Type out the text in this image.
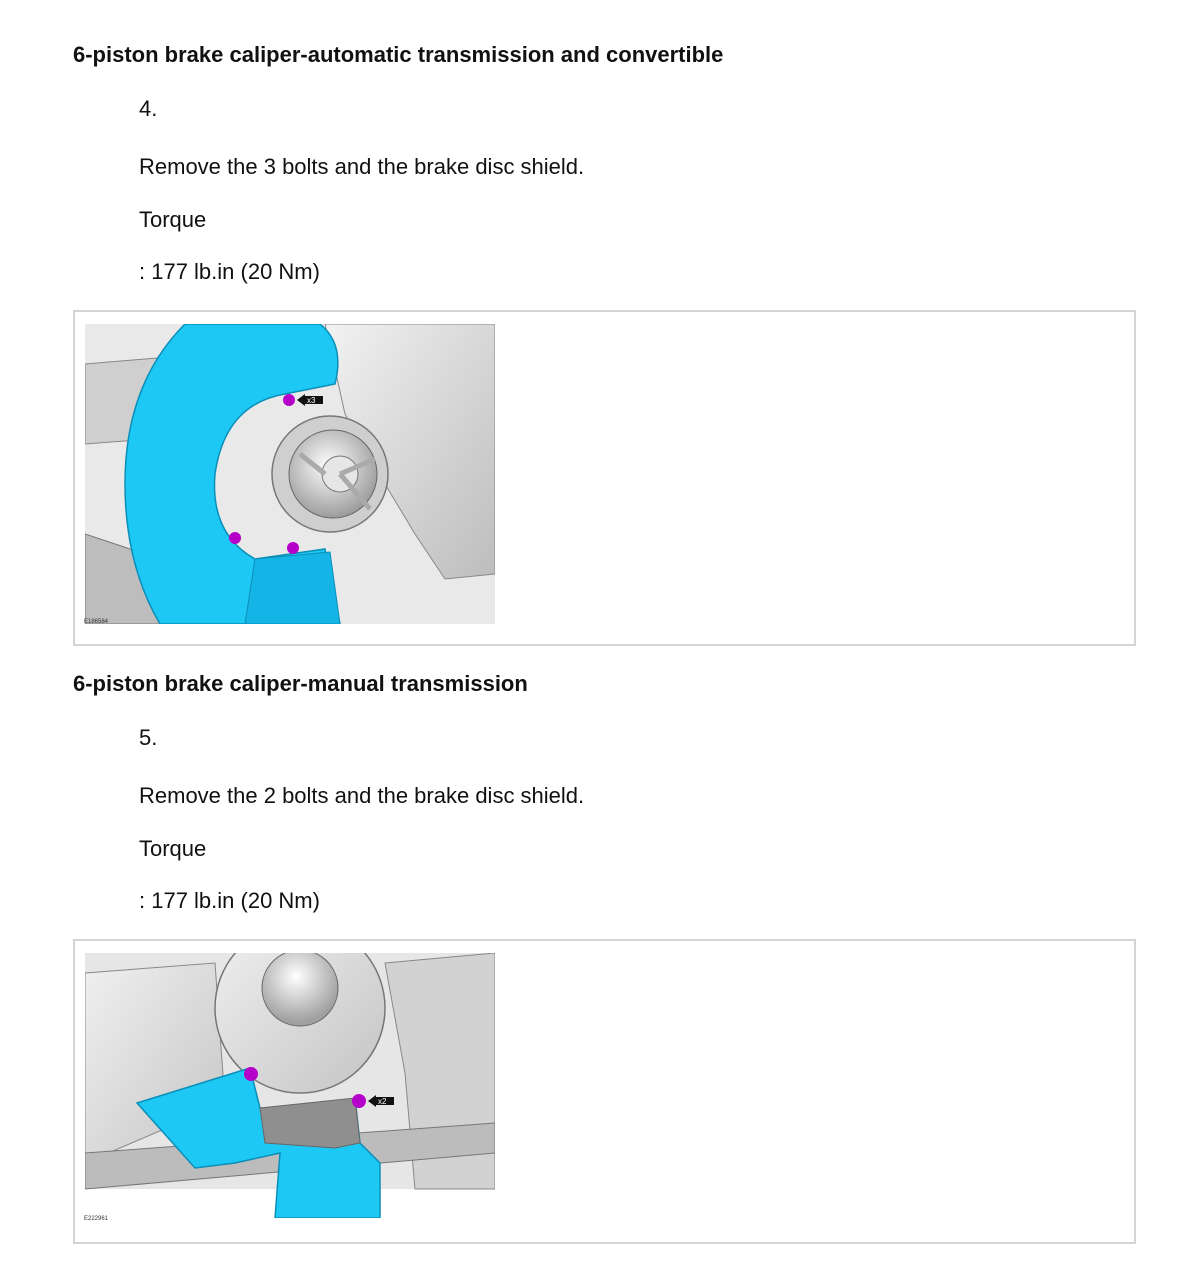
6-piston brake caliper-automatic transmission and convertible

4.

Remove the 3 bolts and the brake disc shield.

Torque

: 177 lb.in (20 Nm)

x3
E186584
6-piston brake caliper-manual transmission

5.

Remove the 2 bolts and the brake disc shield.

Torque

: 177 lb.in (20 Nm)

x2
E222961
